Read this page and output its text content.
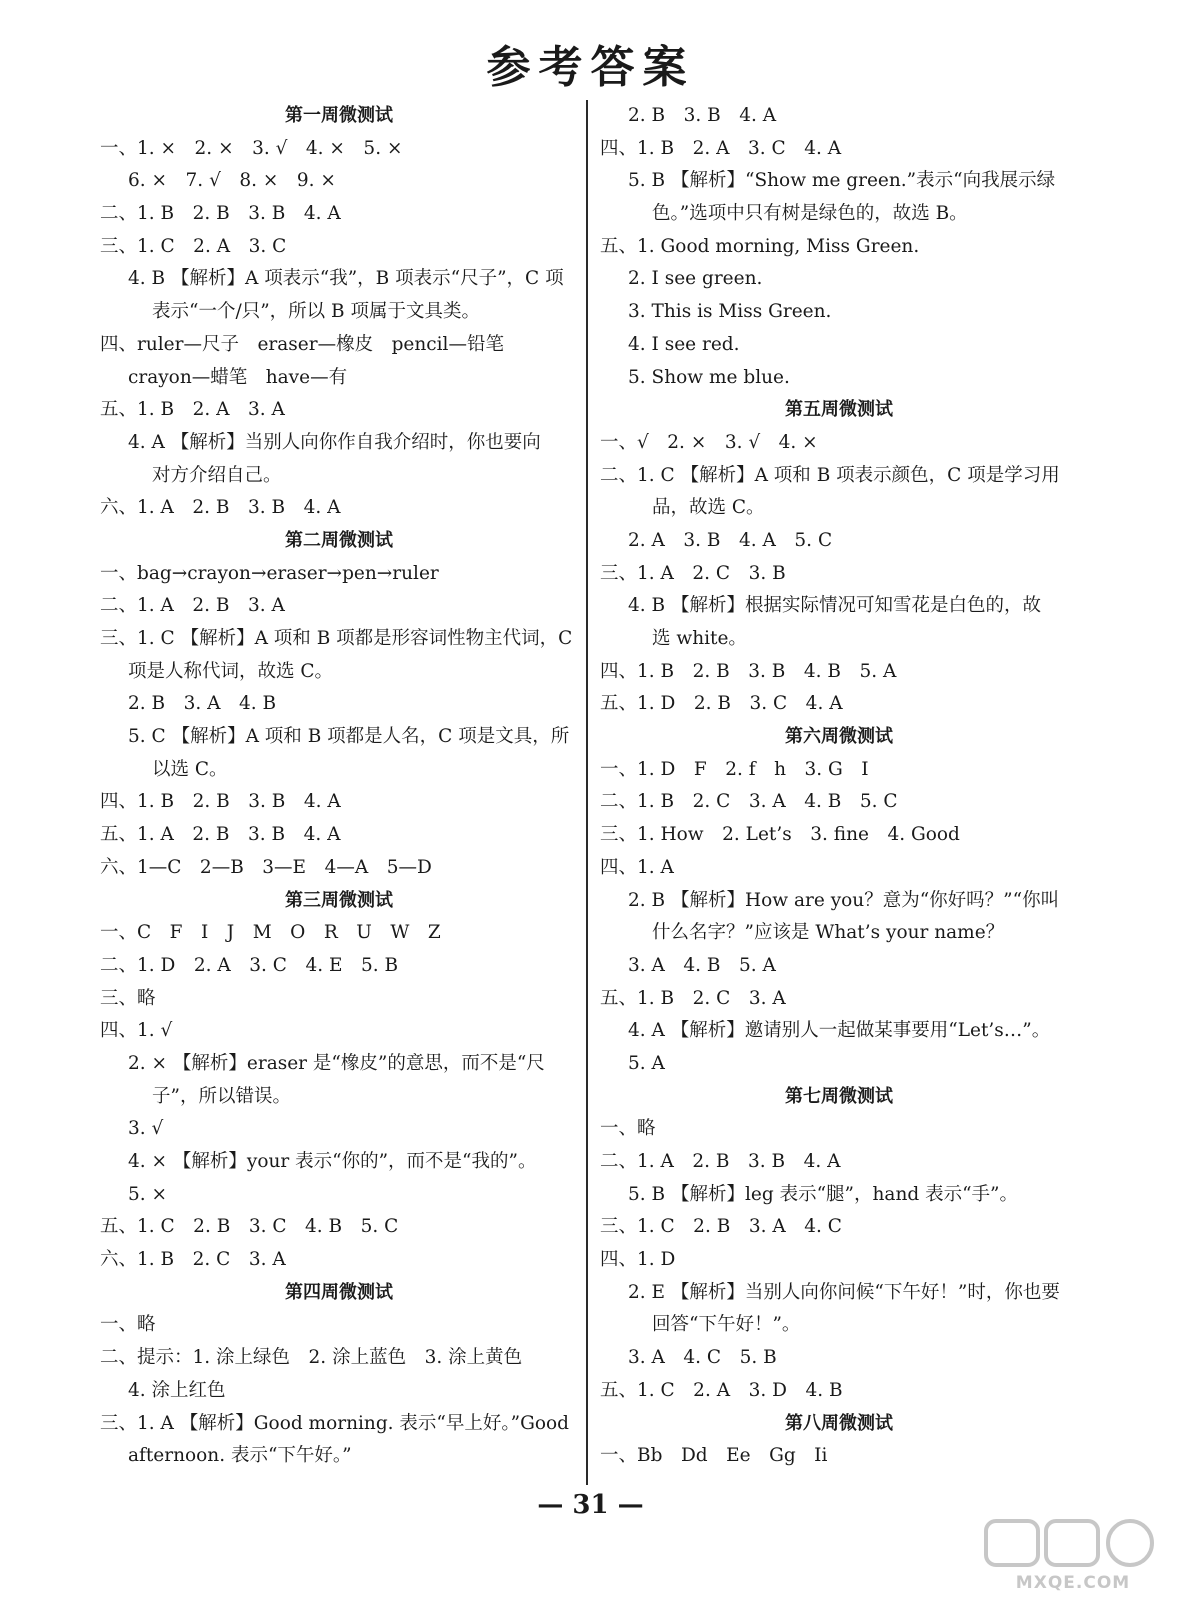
参考答案
第一周微测试
一、1. ×　2. ×　3. √　4. ×　5. ×
6. ×　7. √　8. ×　9. ×
二、1. B　2. B　3. B　4. A
三、1. C　2. A　3. C
4. B 【解析】A 项表示“我”，B 项表示“尺子”，C 项
表示“一个/只”，所以 B 项属于文具类。
四、ruler—尺子　eraser—橡皮　pencil—铅笔
crayon—蜡笔　have—有
五、1. B　2. A　3. A
4. A 【解析】当别人向你作自我介绍时，你也要向
对方介绍自己。
六、1. A　2. B　3. B　4. A
第二周微测试
一、bag→crayon→eraser→pen→ruler
二、1. A　2. B　3. A
三、1. C 【解析】A 项和 B 项都是形容词性物主代词，C
项是人称代词，故选 C。
2. B　3. A　4. B
5. C 【解析】A 项和 B 项都是人名，C 项是文具，所
以选 C。
四、1. B　2. B　3. B　4. A
五、1. A　2. B　3. B　4. A
六、1—C　2—B　3—E　4—A　5—D
第三周微测试
一、C　F　I　J　M　O　R　U　W　Z
二、1. D　2. A　3. C　4. E　5. B
三、略
四、1. √
2. × 【解析】eraser 是“橡皮”的意思，而不是“尺
子”，所以错误。
3. √
4. × 【解析】your 表示“你的”，而不是“我的”。
5. ×
五、1. C　2. B　3. C　4. B　5. C
六、1. B　2. C　3. A
第四周微测试
一、略
二、提示：1. 涂上绿色　2. 涂上蓝色　3. 涂上黄色
4. 涂上红色
三、1. A 【解析】Good morning. 表示“早上好。”Good
afternoon. 表示“下午好。”
2. B　3. B　4. A
四、1. B　2. A　3. C　4. A
5. B 【解析】“Show me green.”表示“向我展示绿
色。”选项中只有树是绿色的，故选 B。
五、1. Good morning, Miss Green.
2. I see green.
3. This is Miss Green.
4. I see red.
5. Show me blue.
第五周微测试
一、√　2. ×　3. √　4. ×
二、1. C 【解析】A 项和 B 项表示颜色，C 项是学习用
品，故选 C。
2. A　3. B　4. A　5. C
三、1. A　2. C　3. B
4. B 【解析】根据实际情况可知雪花是白色的，故
选 white。
四、1. B　2. B　3. B　4. B　5. A
五、1. D　2. B　3. C　4. A
第六周微测试
一、1. D　F　2. f　h　3. G　I
二、1. B　2. C　3. A　4. B　5. C
三、1. How　2. Let’s　3. fine　4. Good
四、1. A
2. B 【解析】How are you？意为“你好吗？”“你叫
什么名字？”应该是 What’s your name？
3. A　4. B　5. A
五、1. B　2. C　3. A
4. A 【解析】邀请别人一起做某事要用“Let’s…”。
5. A
第七周微测试
一、略
二、1. A　2. B　3. B　4. A
5. B 【解析】leg 表示“腿”，hand 表示“手”。
三、1. C　2. B　3. A　4. C
四、1. D
2. E 【解析】当别人向你问候“下午好！”时，你也要
回答“下午好！”。
3. A　4. C　5. B
五、1. C　2. A　3. D　4. B
第八周微测试
一、Bb　Dd　Ee　Gg　Ii
— 31 —
MXQE.COM
